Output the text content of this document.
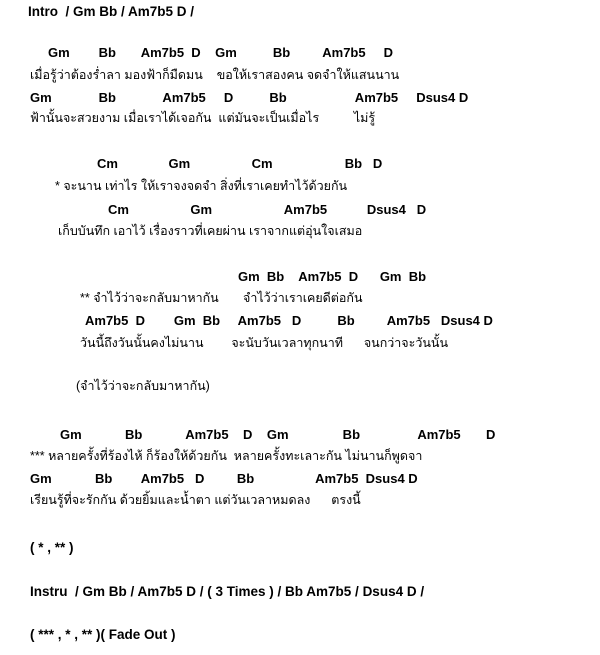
Intro  / Gm Bb / Am7b5 D /
Gm        Bb       Am7b5  D    Gm          Bb         Am7b5     D
เมื่อรู้ว่าต้องร่ำลา มองฟ้าก็มืดมน    ขอให้เราสองคน จดจำให้แสนนาน
Gm             Bb             Am7b5     D          Bb                   Am7b5     Dsus4 D
ฟ้านั้นจะสวยงาม เมื่อเราได้เจอกัน  แต่มันจะเป็นเมื่อไร          ไม่รู้
Cm              Gm                 Cm                    Bb   D
* จะนาน เท่าไร ให้เราจงจดจำ สิ่งที่เราเคยทำไว้ด้วยกัน
Cm                 Gm                    Am7b5           Dsus4   D
เก็บบันทึก เอาไว้ เรื่องราวที่เคยผ่าน เราจากแต่อุ่นใจเสมอ
Gm  Bb    Am7b5  D      Gm  Bb
** จำไว้ว่าจะกลับมาหากัน       จำไว้ว่าเราเคยดีต่อกัน
Am7b5  D        Gm  Bb     Am7b5   D          Bb         Am7b5   Dsus4 D
วันนี้ถึงวันนั้นคงไม่นาน        จะนับวันเวลาทุกนาที      จนกว่าจะวันนั้น
(จำไว้ว่าจะกลับมาหากัน)
Gm            Bb            Am7b5    D    Gm               Bb                Am7b5       D
*** หลายครั้งที่ร้องไห้ ก็ร้องให้ด้วยกัน  หลายครั้งทะเลาะกัน ไม่นานก็พูดจา
Gm            Bb        Am7b5   D         Bb                 Am7b5  Dsus4 D
เรียนรู้ที่จะรักกัน ด้วยยิ้มและน้ำตา แต่วันเวลาหมดลง      ตรงนี้
( * , ** )
Instru  / Gm Bb / Am7b5 D / ( 3 Times ) / Bb Am7b5 / Dsus4 D /
( *** , * , ** )( Fade Out )
